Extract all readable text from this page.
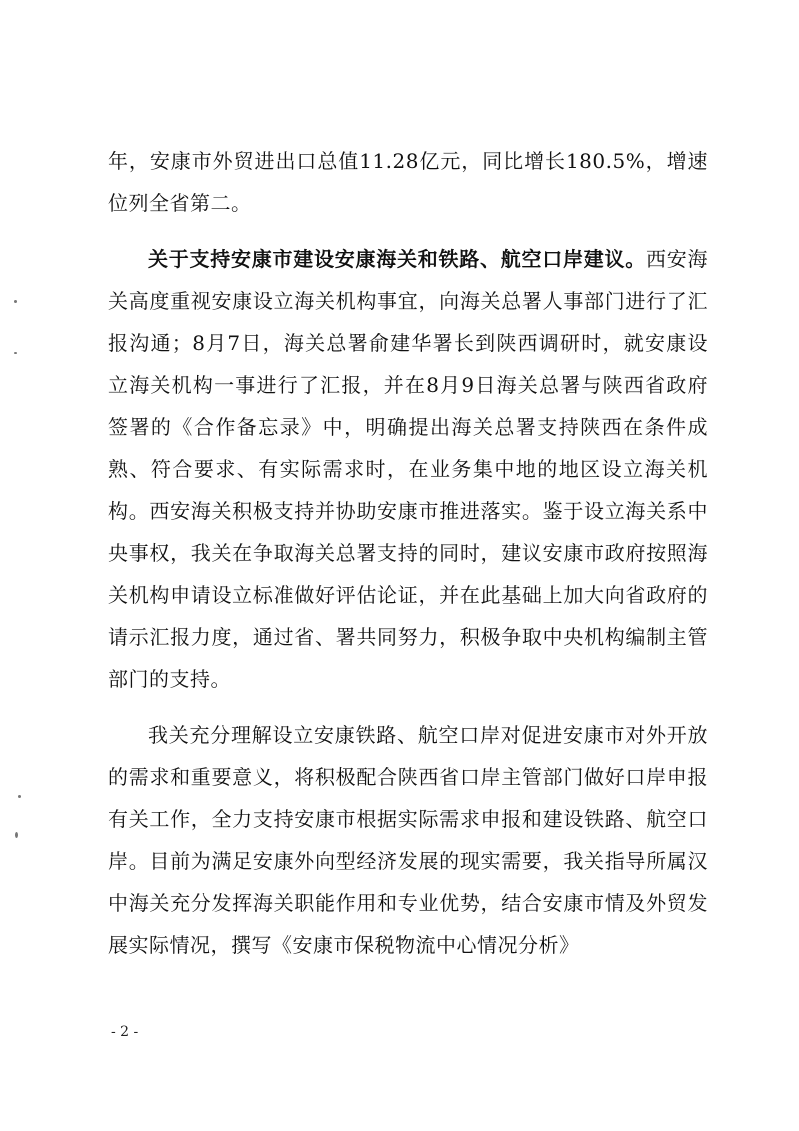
年，安康市外贸进出口总值11.28亿元，同比增长180.5%，增速位列全省第二。

关于支持安康市建设安康海关和铁路、航空口岸建议。西安海关高度重视安康设立海关机构事宜，向海关总署人事部门进行了汇报沟通；8月7日，海关总署俞建华署长到陕西调研时，就安康设立海关机构一事进行了汇报，并在8月9日海关总署与陕西省政府签署的《合作备忘录》中，明确提出海关总署支持陕西在条件成熟、符合要求、有实际需求时，在业务集中地的地区设立海关机构。西安海关积极支持并协助安康市推进落实。鉴于设立海关系中央事权，我关在争取海关总署支持的同时，建议安康市政府按照海关机构申请设立标准做好评估论证，并在此基础上加大向省政府的请示汇报力度，通过省、署共同努力，积极争取中央机构编制主管部门的支持。

我关充分理解设立安康铁路、航空口岸对促进安康市对外开放的需求和重要意义，将积极配合陕西省口岸主管部门做好口岸申报有关工作，全力支持安康市根据实际需求申报和建设铁路、航空口岸。目前为满足安康外向型经济发展的现实需要，我关指导所属汉中海关充分发挥海关职能作用和专业优势，结合安康市情及外贸发展实际情况，撰写《安康市保税物流中心情况分析》

- 2 -
